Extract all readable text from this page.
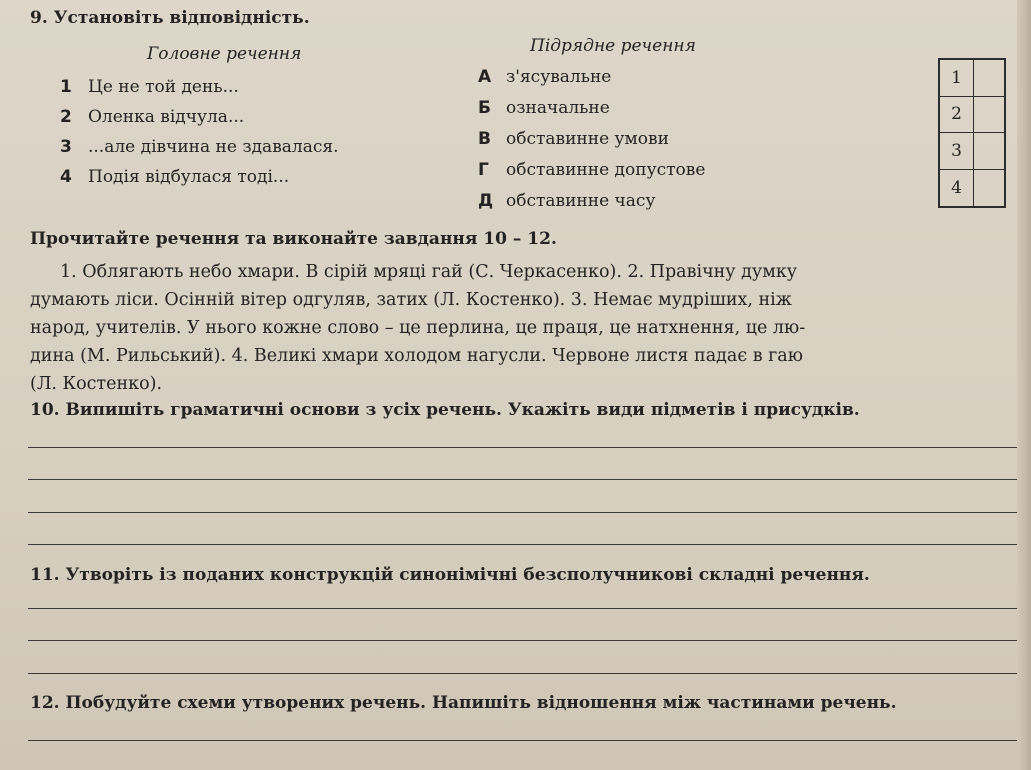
9. Установіть відповідність.
Головне речення	Підрядне речення
1 Це не той день...
2 Оленка відчула...
3 ...але дівчина не здавалася.
4 Подія відбулася тоді...
А з'ясувальне
Б означальне
В обставинне умови
Г обставинне допустове
Д обставинне часу
1
2
3
4
Прочитайте речення та виконайте завдання 10 – 12.
1. Облягають небо хмари. В сірій мряці гай (С. Черкасенко). 2. Правічну думку
думають ліси. Осінній вітер одгуляв, затих (Л. Костенко). 3. Немає мудріших, ніж
народ, учителів. У нього кожне слово – це перлина, це праця, це натхнення, це лю-
дина (М. Рильський). 4. Великі хмари холодом нагусли. Червоне листя падає в гаю
(Л. Костенко).
10. Випишіть граматичні основи з усіх речень. Укажіть види підметів і присудків.
11. Утворіть із поданих конструкцій синонімічні безсполучникові складні речення.
12. Побудуйте схеми утворених речень. Напишіть відношення між частинами речень.
